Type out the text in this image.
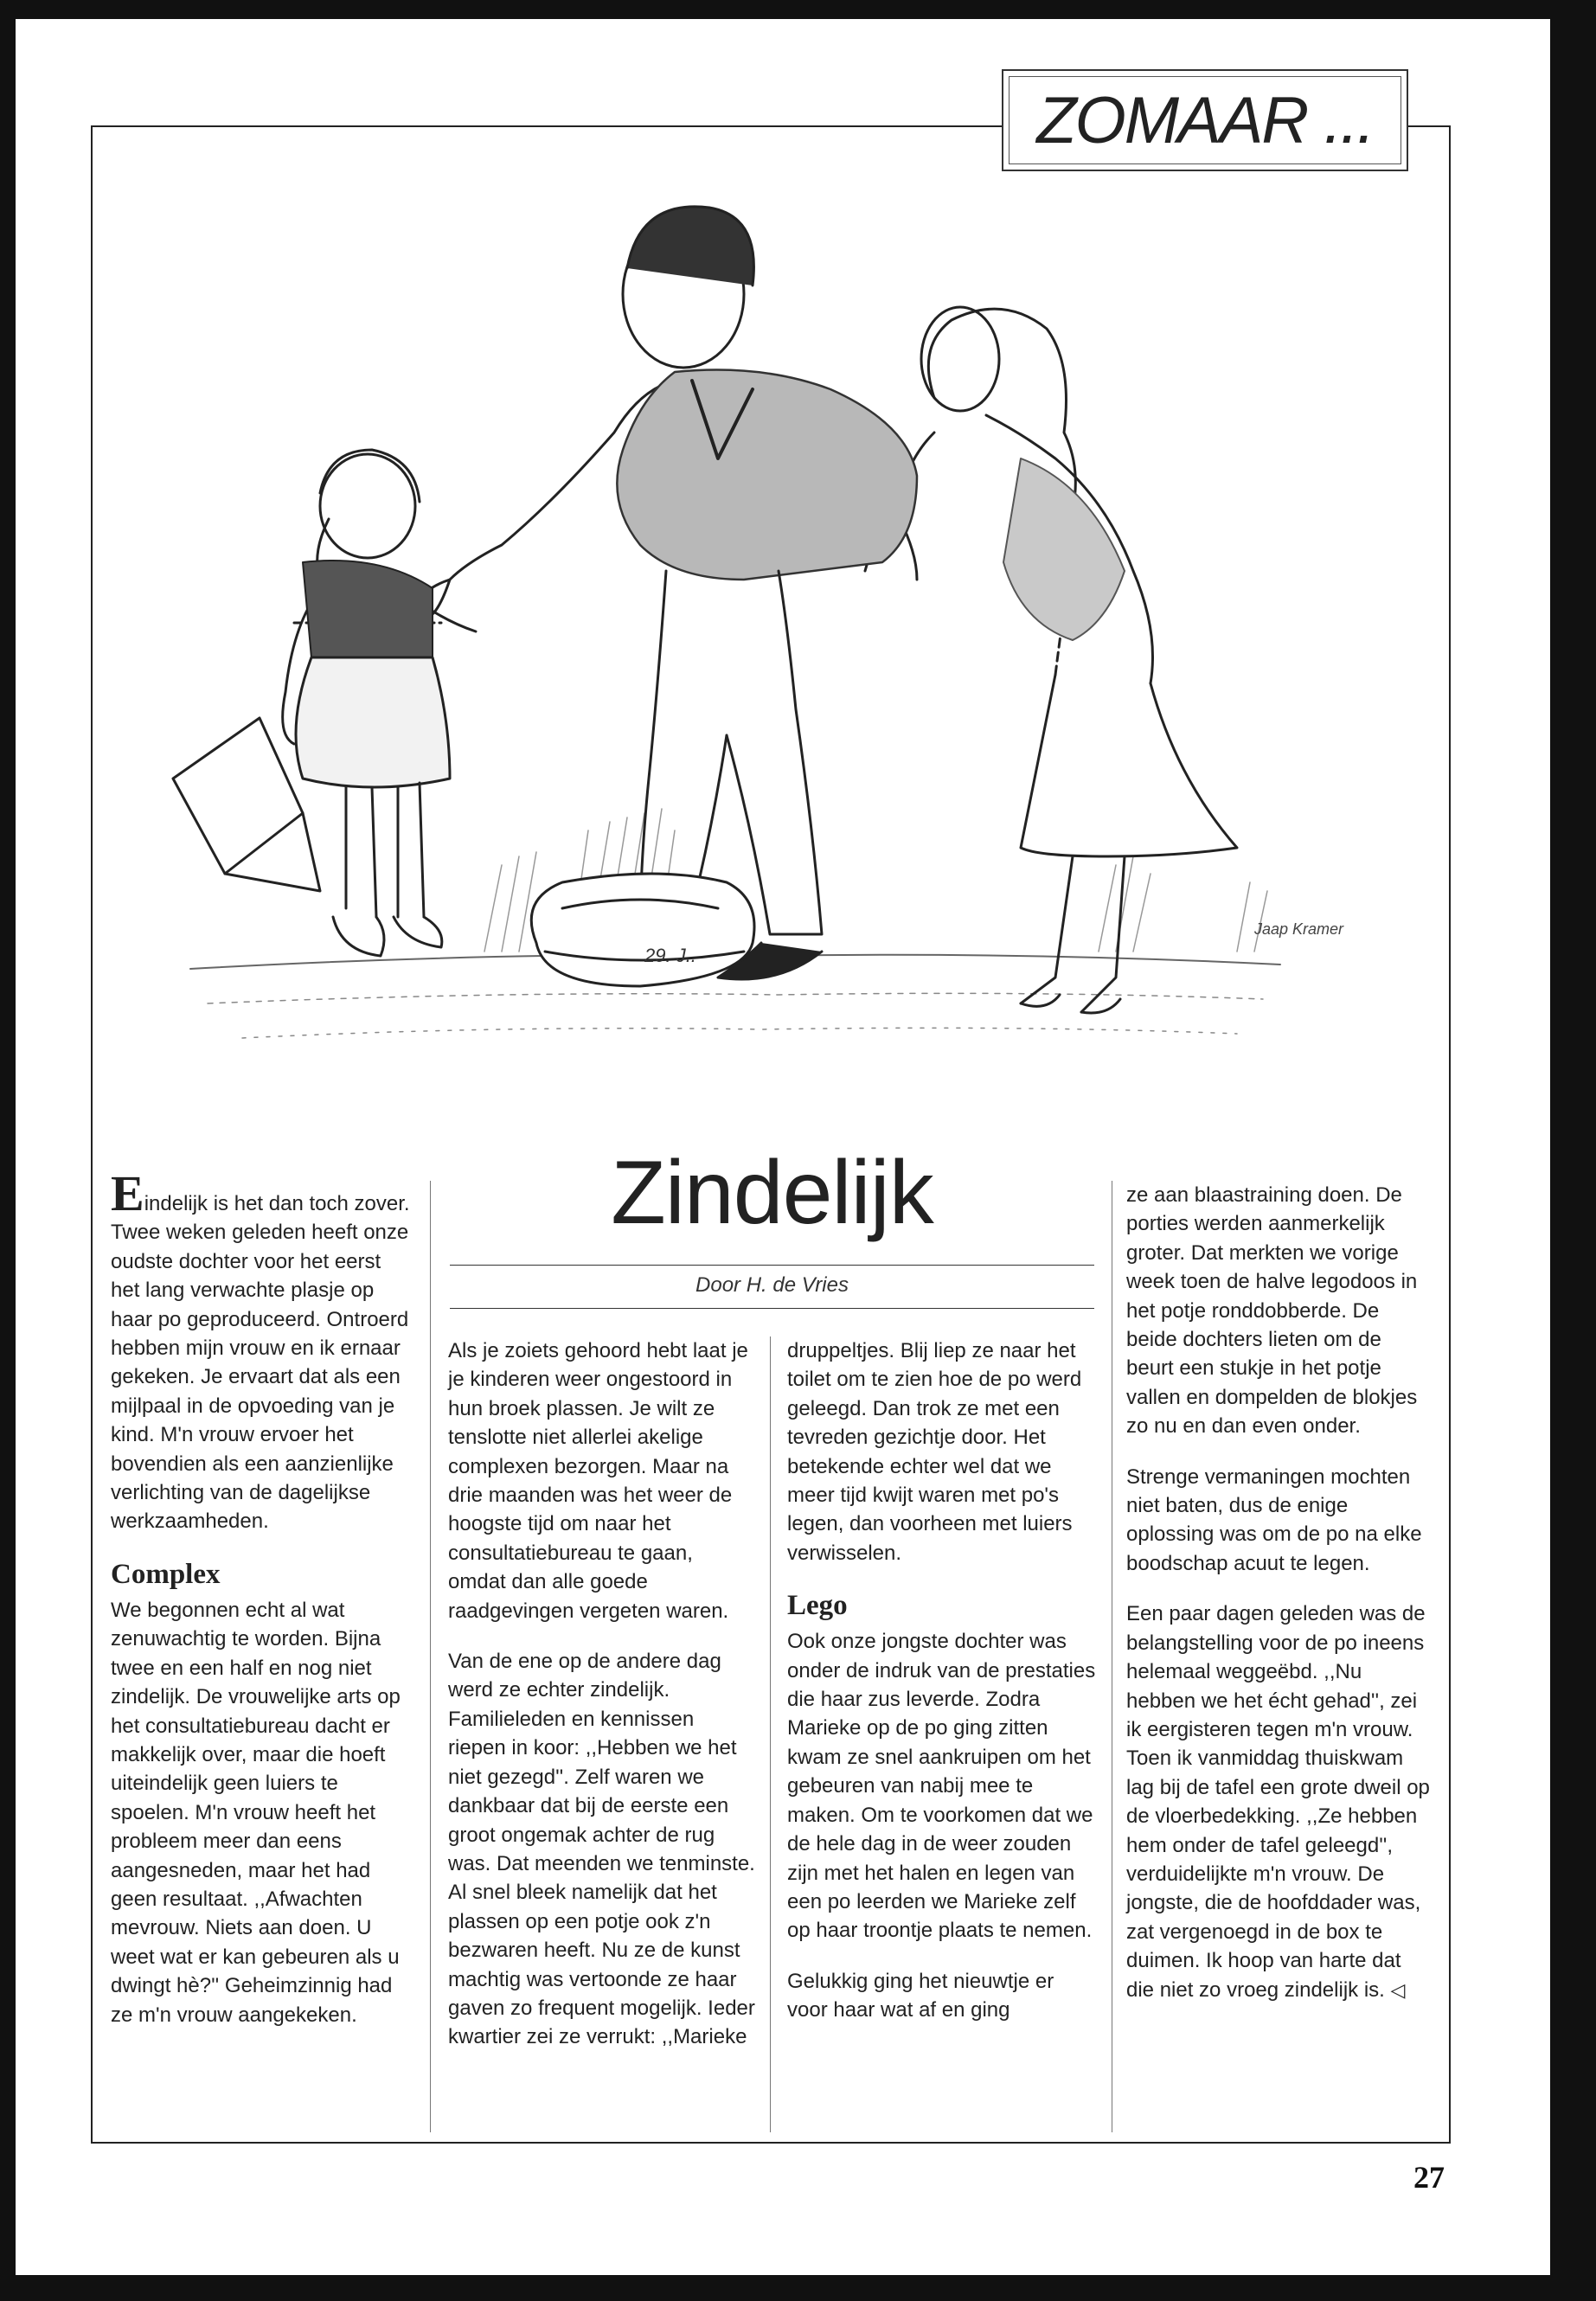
ZOMAAR ...
29. J..
Jaap Kramer
Zindelijk
Door H. de Vries

Eindelijk is het dan toch zover. Twee weken geleden heeft onze oudste dochter voor het eerst het lang verwachte plasje op haar po geproduceerd. Ontroerd hebben mijn vrouw en ik ernaar gekeken. Je ervaart dat als een mijlpaal in de opvoeding van je kind. M'n vrouw ervoer het bovendien als een aanzienlijke verlichting van de dagelijkse werkzaamheden.

Complex

We begonnen echt al wat zenuwachtig te worden. Bijna twee en een half en nog niet zindelijk. De vrouwelijke arts op het consultatiebureau dacht er makkelijk over, maar die hoeft uiteindelijk geen luiers te spoelen. M'n vrouw heeft het probleem meer dan eens aangesneden, maar het had geen resultaat. ,,Afwachten mevrouw. Niets aan doen. U weet wat er kan gebeuren als u dwingt hè?'' Geheimzinnig had ze m'n vrouw aangekeken.

Als je zoiets gehoord hebt laat je je kinderen weer ongestoord in hun broek plassen. Je wilt ze tenslotte niet allerlei akelige complexen bezorgen. Maar na drie maanden was het weer de hoogste tijd om naar het consultatiebureau te gaan, omdat dan alle goede raadgevingen vergeten waren.

Van de ene op de andere dag werd ze echter zindelijk. Familieleden en kennissen riepen in koor: ,,Hebben we het niet gezegd''. Zelf waren we dankbaar dat bij de eerste een groot ongemak achter de rug was. Dat meenden we tenminste. Al snel bleek namelijk dat het plassen op een potje ook z'n bezwaren heeft. Nu ze de kunst machtig was vertoonde ze haar gaven zo frequent mogelijk. Ieder kwartier zei ze verrukt: ,,Marieke

druppeltjes. Blij liep ze naar het toilet om te zien hoe de po werd geleegd. Dan trok ze met een tevreden gezichtje door. Het betekende echter wel dat we meer tijd kwijt waren met po's legen, dan voorheen met luiers verwisselen.

Lego

Ook onze jongste dochter was onder de indruk van de prestaties die haar zus leverde. Zodra Marieke op de po ging zitten kwam ze snel aankruipen om het gebeuren van nabij mee te maken. Om te voorkomen dat we de hele dag in de weer zouden zijn met het halen en legen van een po leerden we Marieke zelf op haar troontje plaats te nemen.

Gelukkig ging het nieuwtje er voor haar wat af en ging

ze aan blaastraining doen. De porties werden aanmerkelijk groter. Dat merkten we vorige week toen de halve legodoos in het potje ronddobberde. De beide dochters lieten om de beurt een stukje in het potje vallen en dompelden de blokjes zo nu en dan even onder.

Strenge vermaningen mochten niet baten, dus de enige oplossing was om de po na elke boodschap acuut te legen.

Een paar dagen geleden was de belangstelling voor de po ineens helemaal weggeëbd. ,,Nu hebben we het écht gehad'', zei ik eergisteren tegen m'n vrouw. Toen ik vanmiddag thuiskwam lag bij de tafel een grote dweil op de vloerbedekking. ,,Ze hebben hem onder de tafel geleegd'', verduidelijkte m'n vrouw. De jongste, die de hoofddader was, zat vergenoegd in de box te duimen. Ik hoop van harte dat die niet zo vroeg zindelijk is. ◁

27
